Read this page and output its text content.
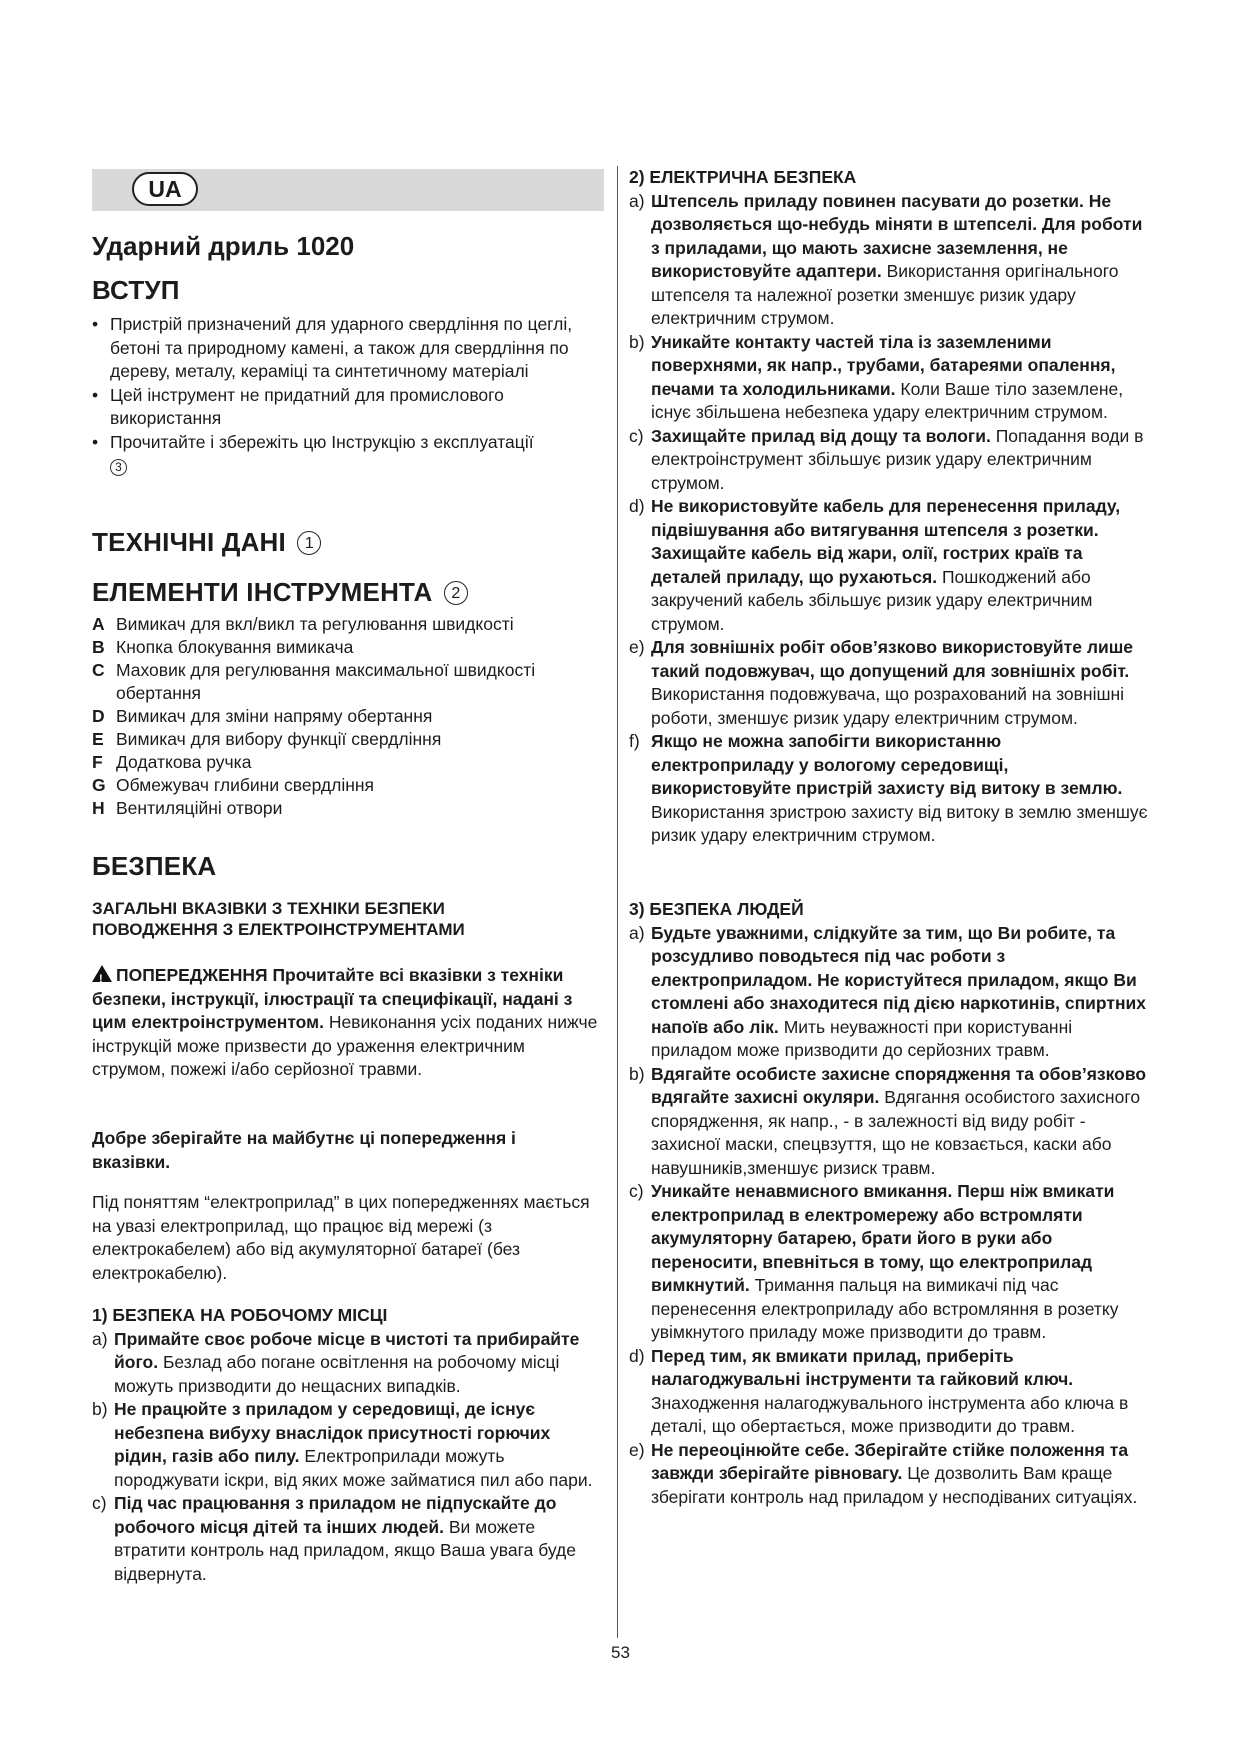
UA
Ударний дриль 1020
ВСТУП
• Пристрій призначений для ударного свердління по цеглі, бетоні та природному камені, а також для свердління по дереву, металу, кераміці та синтетичному матеріалі
• Цей інструмент не придатний для промислового використання
• Прочитайте і збережіть цю Інструкцію з експлуатації
3
ТЕХНІЧНІ ДАНІ 1
ЕЛЕМЕНТИ ІНСТРУМЕНТА 2
A Вимикач для вкл/викл та регулювання швидкості
B Кнопка блокування вимикача
C Маховик для регулювання максимальної швидкості обертання
D Вимикач для зміни напряму обертання
E Вимикач для вибору функції свердління
F Додаткова ручка
G Обмежувач глибини свердління
H Вентиляційні отвори
БЕЗПЕКА
ЗАГАЛЬНІ ВКАЗІВКИ З ТЕХНІКИ БЕЗПЕКИ ПОВОДЖЕННЯ З ЕЛЕКТРОІНСТРУМЕНТАМИ
! ПОПЕРЕДЖЕННЯ Прочитайте всі вказівки з техніки безпеки, інструкції, ілюстрації та специфікації, надані з цим електроінструментом. Невиконання усіх поданих нижче інструкцій може призвести до ураження електричним струмом, пожежі і/або серйозної травми.
Добре зберігайте на майбутнє ці попередження і вказівки.
Під поняттям “електроприлад” в цих попередженнях мається на увазі електроприлад, що працює від мережі (з електрокабелем) або від акумуляторної батареї (без електрокабелю).
1) БЕЗПЕКА НА РОБОЧОМУ МІСЦІ
a) Примайте своє робоче місце в чистоті та прибирайте його. Безлад або погане освітлення на робочому місці можуть призводити до нещасних випадків.
b) Не працюйте з приладом у середовищі, де існує небезпена вибуху внаслідок присутності горючих рідин, газів або пилу. Електроприлади можуть породжувати іскри, від яких може займатися пил або пари.
c) Під час працювання з приладом не підпускайте до робочого місця дітей та інших людей. Ви можете втратити контроль над приладом, якщо Ваша увага буде відвернута.
2) ЕЛЕКТРИЧНА БЕЗПЕКА
a) Штепсель приладу повинен пасувати до розетки. Не дозволяється що-небудь міняти в штепселі. Для роботи з приладами, що мають захисне заземлення, не використовуйте адаптери. Використання оригінального штепселя та належної розетки зменшує ризик удару електричним струмом.
b) Уникайте контакту частей тіла із заземленими поверхнями, як напр., трубами, батареями опалення, печами та холодильниками. Коли Ваше тіло заземлене, існує збільшена небезпека удару електричним струмом.
c) Захищайте прилад від дощу та вологи. Попадання води в електроінструмент збільшує ризик удару електричним струмом.
d) Не використовуйте кабель для перенесення приладу, підвішування або витягування штепселя з розетки. Захищайте кабель від жари, олії, гострих країв та деталей приладу, що рухаються. Пошкоджений або закручений кабель збільшує ризик удару електричним струмом.
e) Для зовнішніх робіт обов’язково використовуйте лише такий подовжувач, що допущений для зовнішніх робіт. Використання подовжувача, що розрахований на зовнішні роботи, зменшує ризик удару електричним струмом.
f) Якщо не можна запобігти використанню електроприладу у вологому середовищі, використовуйте пристрій захисту від витоку в землю. Використання зристрою захисту від витоку в землю зменшує ризик удару електричним струмом.
3) БЕЗПЕКА ЛЮДЕЙ
a) Будьте уважними, слідкуйте за тим, що Ви робите, та розсудливо поводьтеся під час роботи з електроприладом. Не користуйтеся приладом, якщо Ви стомлені або знаходитеся під дією наркотинів, спиртних напоїв або лік. Мить неуважності при користуванні приладом може призводити до серйозних травм.
b) Вдягайте особисте захисне спорядження та обов’язково вдягайте захисні окуляри. Вдягання особистого захисного спорядження, як напр., - в залежності від виду робіт - захисної маски, спецвзуття, що не ковзається, каски або навушників,зменшує ризиск травм.
c) Уникайте ненавмисного вмикання. Перш ніж вмикати електроприлад в електромережу або встромляти акумуляторну батарею, брати його в руки або переносити, впевніться в тому, що електроприлад вимкнутий. Тримання пальця на вимикачі під час перенесення електроприладу або встромляння в розетку увімкнутого приладу може призводити до травм.
d) Перед тим, як вмикати прилад, приберіть налагоджувальні інструменти та гайковий ключ. Знаходження налагоджувального інструмента або ключа в деталі, що обертається, може призводити до травм.
e) Не переоцінюйте себе. Зберігайте стійке положення та завжди зберігайте рівновагу. Це дозволить Вам краще зберігати контроль над приладом у несподіваних ситуаціях.
53
